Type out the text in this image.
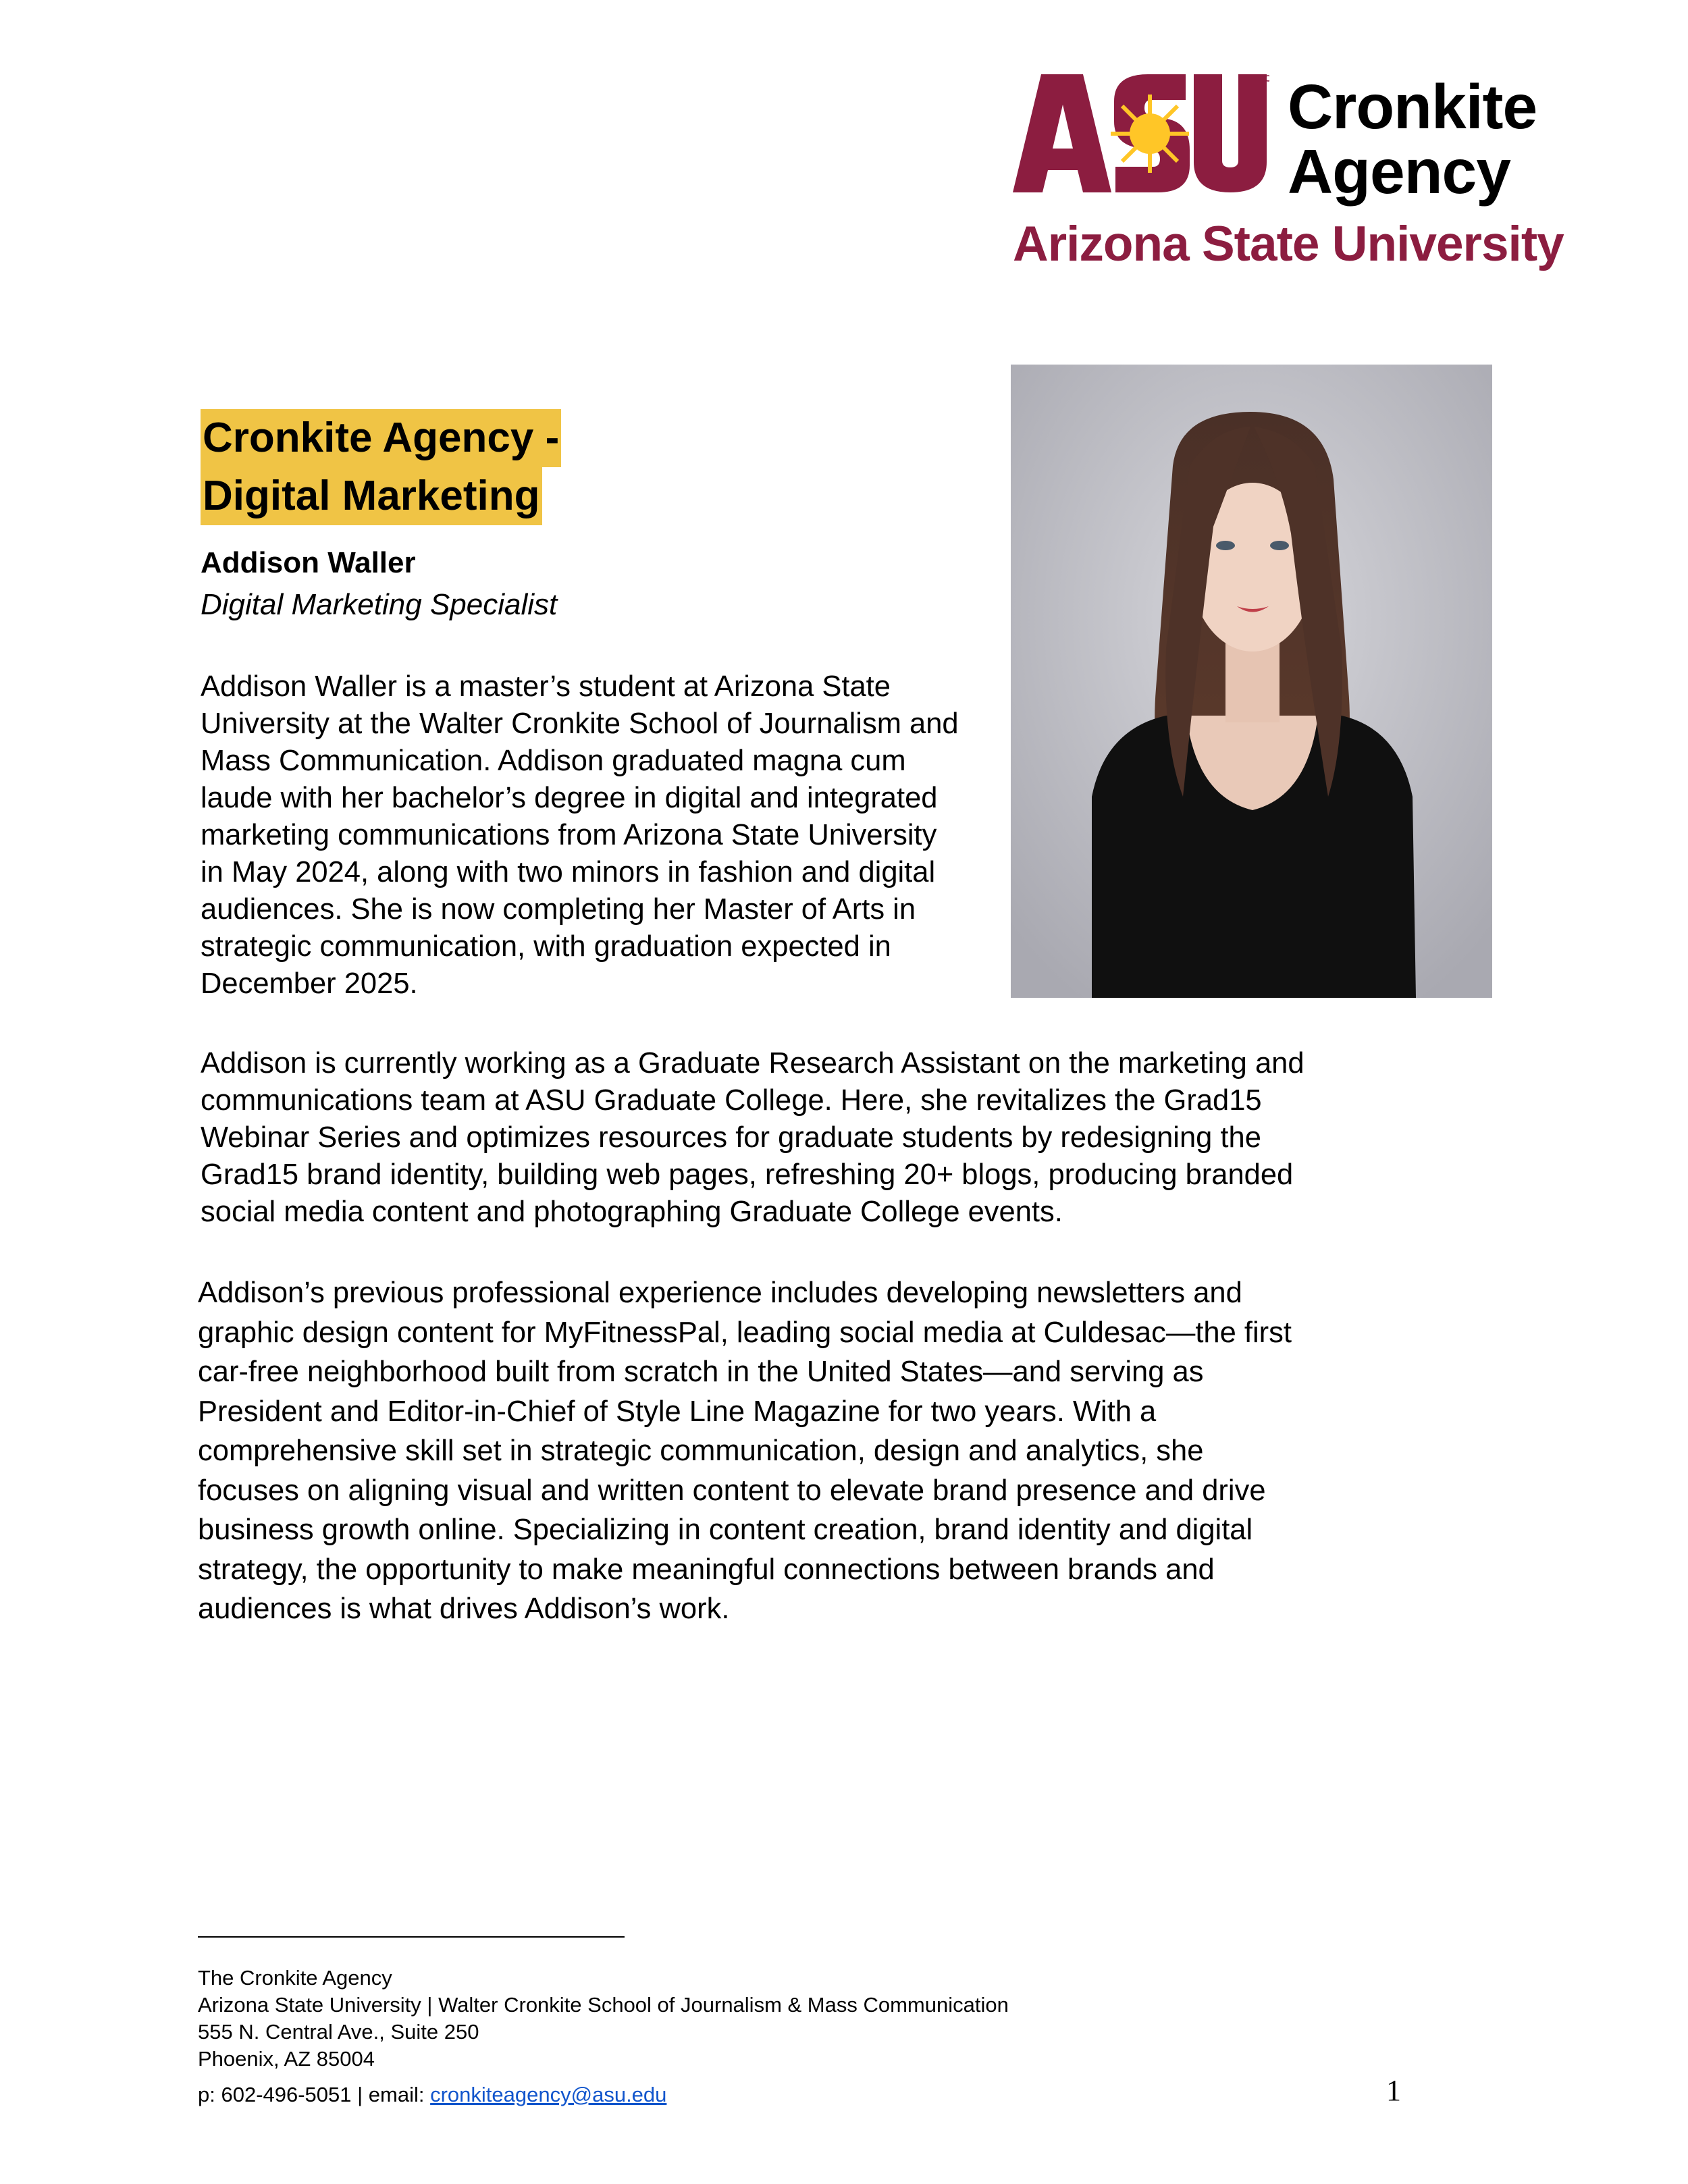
Cronkite
Agency
Arizona State University
Cronkite Agency -
Digital Marketing
Addison Waller
Digital Marketing Specialist
Addison Waller is a master’s student at Arizona State
University at the Walter Cronkite School of Journalism and
Mass Communication. Addison graduated magna cum
laude with her bachelor’s degree in digital and integrated
marketing communications from Arizona State University
in May 2024, along with two minors in fashion and digital
audiences. She is now completing her Master of Arts in
strategic communication, with graduation expected in
December 2025.
Addison is currently working as a Graduate Research Assistant on the marketing and
communications team at ASU Graduate College. Here, she revitalizes the Grad15
Webinar Series and optimizes resources for graduate students by redesigning the
Grad15 brand identity, building web pages, refreshing 20+ blogs, producing branded
social media content and photographing Graduate College events.
Addison’s previous professional experience includes developing newsletters and
graphic design content for MyFitnessPal, leading social media at Culdesac—the first
car-free neighborhood built from scratch in the United States—and serving as
President and Editor-in-Chief of Style Line Magazine for two years. With a
comprehensive skill set in strategic communication, design and analytics, she
focuses on aligning visual and written content to elevate brand presence and drive
business growth online. Specializing in content creation, brand identity and digital
strategy, the opportunity to make meaningful connections between brands and
audiences is what drives Addison’s work.
The Cronkite Agency
Arizona State University | Walter Cronkite School of Journalism & Mass Communication
555 N. Central Ave., Suite 250
Phoenix, AZ 85004
p: 602-496-5051 | email: cronkiteagency@asu.edu	1
